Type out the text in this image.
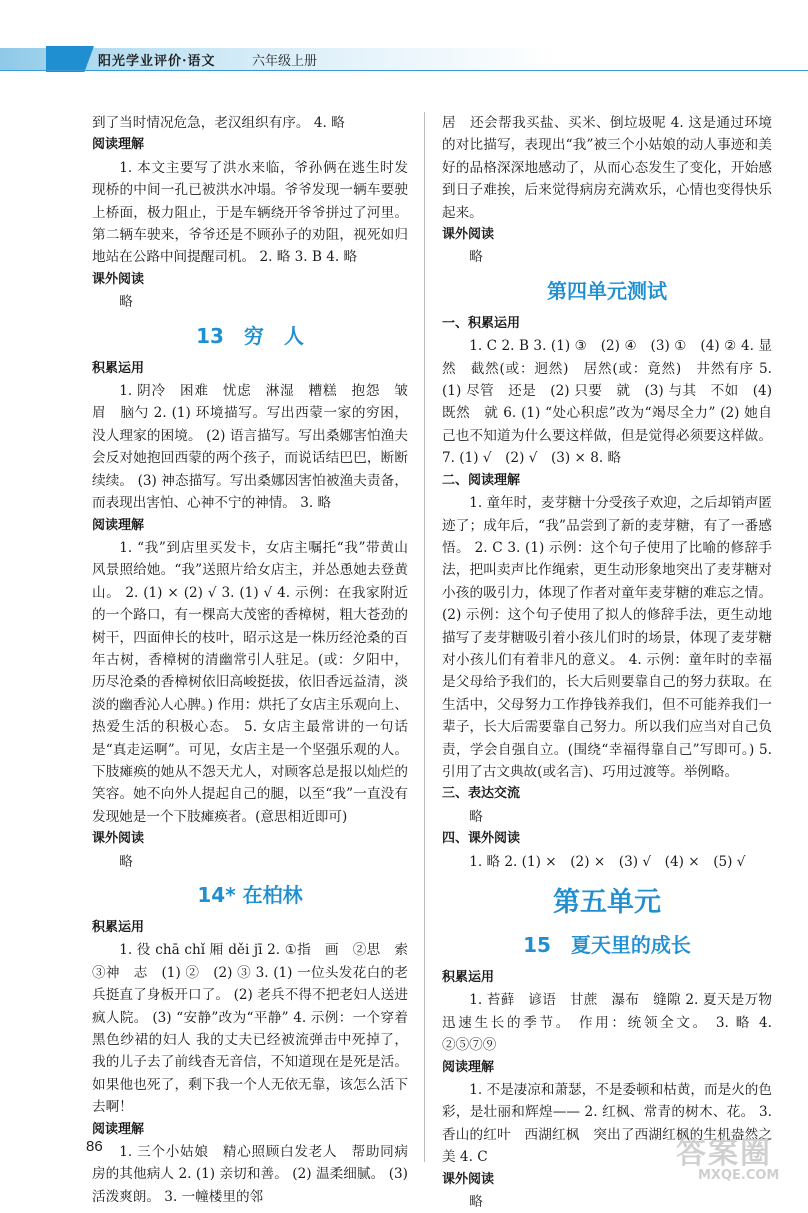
阳光学业评价·语文	六年级上册

到了当时情况危急，老汉组织有序。 4. 略

阅读理解

1. 本文主要写了洪水来临，爷孙俩在逃生时发现桥的中间一孔已被洪水冲塌。爷爷发现一辆车要驶上桥面，极力阻止，于是车辆绕开爷爷拼过了河里。第二辆车驶来，爷爷还是不顾孙子的劝阻，视死如归地站在公路中间提醒司机。 2. 略 3. B 4. 略

课外阅读

略

13　穷　人

积累运用

1. 阴冷　困难　忧虑　淋湿　糟糕　抱怨　皱眉　脑勺 2. (1) 环境描写。写出西蒙一家的穷困，没人理家的困境。 (2) 语言描写。写出桑娜害怕渔夫会反对她抱回西蒙的两个孩子，而说话结巴巴，断断续续。 (3) 神态描写。写出桑娜因害怕被渔夫责备，而表现出害怕、心神不宁的神情。 3. 略

阅读理解

1. “我”到店里买发卡，女店主嘱托“我”带黄山风景照给她。“我”送照片给女店主，并怂恿她去登黄山。 2. (1) × (2) √ 3. (1) √ 4. 示例：在我家附近的一个路口，有一棵高大茂密的香樟树，粗大苍劲的树干，四面伸长的枝叶，昭示这是一株历经沧桑的百年古树，香樟树的清幽常引人驻足。(或：夕阳中，历尽沧桑的香樟树依旧高峻挺拔，依旧香远益清，淡淡的幽香沁人心脾。) 作用：烘托了女店主乐观向上、热爱生活的积极心态。 5. 女店主最常讲的一句话是“真走运啊”。可见，女店主是一个坚强乐观的人。下肢瘫痪的她从不怨天尤人，对顾客总是报以灿烂的笑容。她不向外人提起自己的腿，以至“我”一直没有发现她是一个下肢瘫痪者。(意思相近即可)

课外阅读

略

14* 在柏林

积累运用

1. 役 chā chǐ 厢 děi jī 2. ①指　画　②思　索　③神　志　(1) ②　(2) ③ 3. (1) 一位头发花白的老兵挺直了身板开口了。 (2) 老兵不得不把老妇人送进疯人院。 (3) “安静”改为“平静” 4. 示例：一个穿着黑色纱裙的妇人 我的丈夫已经被流弹击中死掉了，我的儿子去了前线杳无音信，不知道现在是死是活。如果他也死了，剩下我一个人无依无靠，该怎么活下去啊！

阅读理解

1. 三个小姑娘　精心照顾白发老人　帮助同病房的其他病人 2. (1) 亲切和善。 (2) 温柔细腻。 (3) 活泼爽朗。 3. 一幢楼里的邻

居　还会帮我买盐、买米、倒垃圾呢 4. 这是通过环境的对比描写，表现出“我”被三个小姑娘的动人事迹和美好的品格深深地感动了，从而心态发生了变化，开始感到日子难挨，后来觉得病房充满欢乐，心情也变得快乐起来。

课外阅读

略

第四单元测试

一、积累运用

1. C 2. B 3. (1) ③　(2) ④　(3) ①　(4) ② 4. 显然　截然(或：迥然)　居然(或：竟然)　井然有序 5. (1) 尽管　还是　(2) 只要　就　(3) 与其　不如　(4) 既然　就 6. (1) “处心积虑”改为“竭尽全力” (2) 她自己也不知道为什么要这样做，但是觉得必须要这样做。 7. (1) √　(2) √　(3) × 8. 略

二、阅读理解

1. 童年时，麦芽糖十分受孩子欢迎，之后却销声匿迹了；成年后，“我”品尝到了新的麦芽糖，有了一番感悟。 2. C 3. (1) 示例：这个句子使用了比喻的修辞手法，把叫卖声比作绳索，更生动形象地突出了麦芽糖对小孩的吸引力，体现了作者对童年麦芽糖的难忘之情。 (2) 示例：这个句子使用了拟人的修辞手法，更生动地描写了麦芽糖吸引着小孩儿们时的场景，体现了麦芽糖对小孩儿们有着非凡的意义。 4. 示例：童年时的幸福是父母给予我们的，长大后则要靠自己的努力获取。在生活中，父母努力工作挣钱养我们，但不可能养我们一辈子，长大后需要靠自己努力。所以我们应当对自己负责，学会自强自立。(围绕“幸福得靠自己”写即可。) 5. 引用了古文典故(或名言)、巧用过渡等。举例略。

三、表达交流

略

四、课外阅读

1. 略 2. (1) ×　(2) ×　(3) √　(4) ×　(5) √

第五单元

15　夏天里的成长

积累运用

1. 苔藓　谚语　甘蔗　瀑布　缝隙 2. 夏天是万物迅速生长的季节。 作用：统领全文。 3. 略 4. ②⑤⑦⑨

阅读理解

1. 不是凄凉和萧瑟，不是委顿和枯黄，而是火的色彩，是壮丽和辉煌—— 2. 红枫、常青的树木、花。 3. 香山的红叶　西湖红枫　突出了西湖红枫的生机盎然之美 4. C

课外阅读

略

86	答案圈
MXQE.COM
